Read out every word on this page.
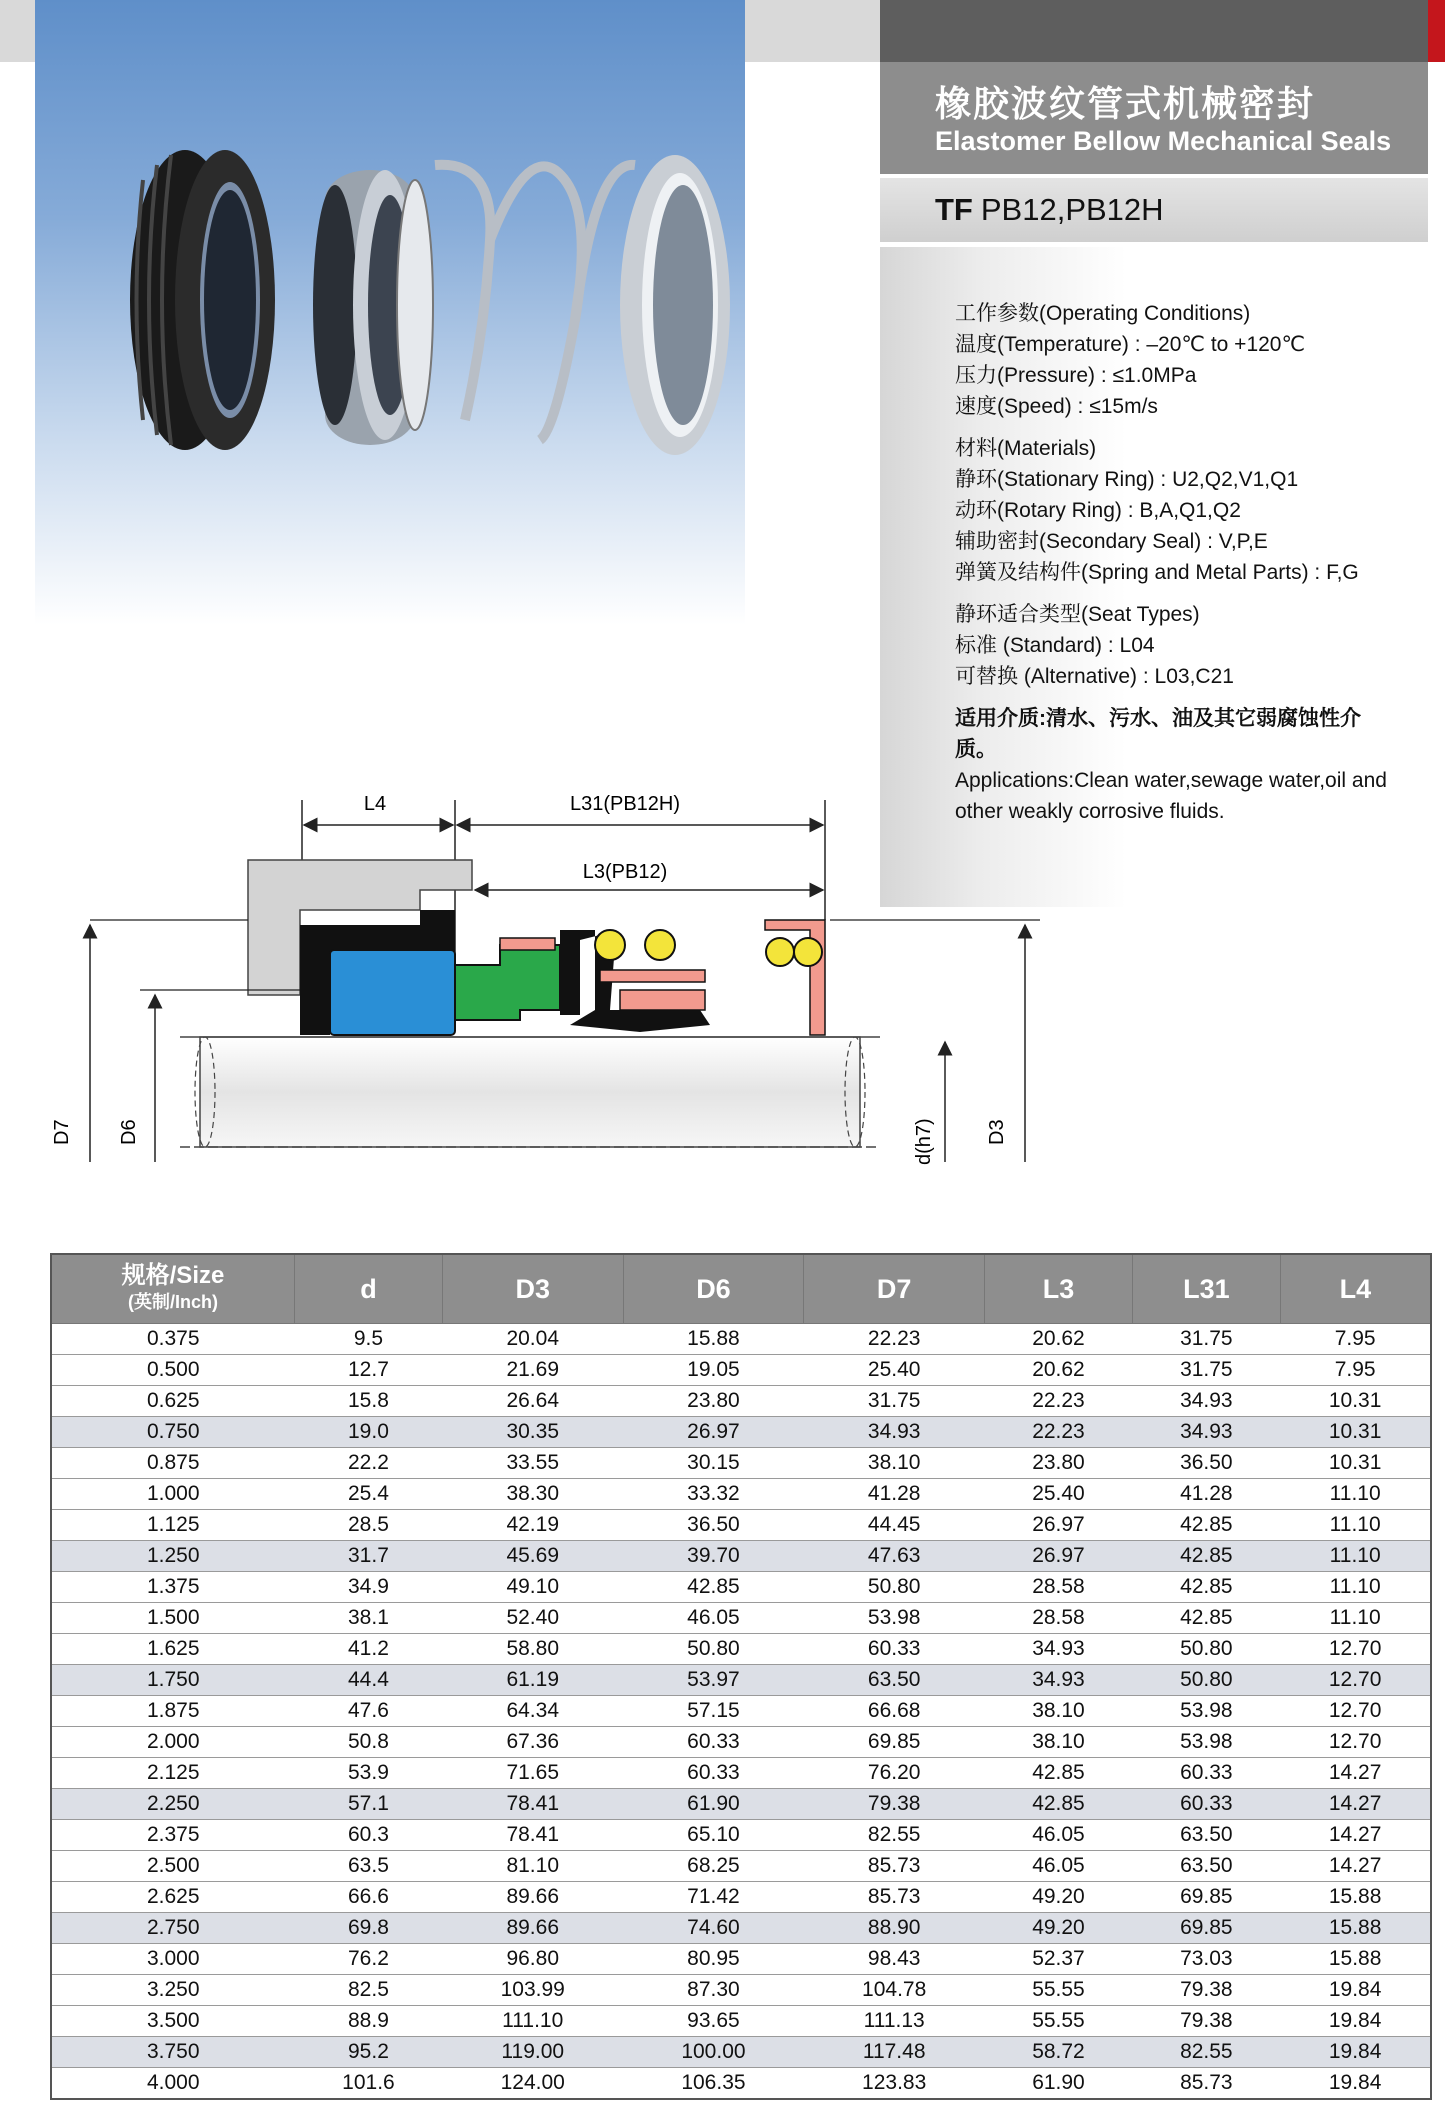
橡胶波纹管式机械密封
Elastomer Bellow Mechanical Seals
TF PB12,PB12H

工作参数(Operating Conditions)

温度(Temperature) : –20℃ to +120℃

压力(Pressure) : ≤1.0MPa

速度(Speed) : ≤15m/s

材料(Materials)

静环(Stationary Ring) : U2,Q2,V1,Q1

动环(Rotary Ring) : B,A,Q1,Q2

辅助密封(Secondary Seal) : V,P,E

弹簧及结构件(Spring and Metal Parts) : F,G

静环适合类型(Seat Types)

标准 (Standard) : L04

可替换 (Alternative) : L03,C21

适用介质:清水、污水、油及其它弱腐蚀性介质。

Applications:Clean water,sewage water,oil and other weakly corrosive fluids.

L4	L31(PB12H)
L3(PB12)
D7 D6	D3
d(h7)
规格/Size
(英制/Inch)	d	D3	D6	D7	L3	L31	L4
0.375	9.5	20.04	15.88	22.23	20.62	31.75	7.95
0.500	12.7	21.69	19.05	25.40	20.62	31.75	7.95
0.625	15.8	26.64	23.80	31.75	22.23	34.93	10.31
0.750	19.0	30.35	26.97	34.93	22.23	34.93	10.31
0.875	22.2	33.55	30.15	38.10	23.80	36.50	10.31
1.000	25.4	38.30	33.32	41.28	25.40	41.28	11.10
1.125	28.5	42.19	36.50	44.45	26.97	42.85	11.10
1.250	31.7	45.69	39.70	47.63	26.97	42.85	11.10
1.375	34.9	49.10	42.85	50.80	28.58	42.85	11.10
1.500	38.1	52.40	46.05	53.98	28.58	42.85	11.10
1.625	41.2	58.80	50.80	60.33	34.93	50.80	12.70
1.750	44.4	61.19	53.97	63.50	34.93	50.80	12.70
1.875	47.6	64.34	57.15	66.68	38.10	53.98	12.70
2.000	50.8	67.36	60.33	69.85	38.10	53.98	12.70
2.125	53.9	71.65	60.33	76.20	42.85	60.33	14.27
2.250	57.1	78.41	61.90	79.38	42.85	60.33	14.27
2.375	60.3	78.41	65.10	82.55	46.05	63.50	14.27
2.500	63.5	81.10	68.25	85.73	46.05	63.50	14.27
2.625	66.6	89.66	71.42	85.73	49.20	69.85	15.88
2.750	69.8	89.66	74.60	88.90	49.20	69.85	15.88
3.000	76.2	96.80	80.95	98.43	52.37	73.03	15.88
3.250	82.5	103.99	87.30	104.78	55.55	79.38	19.84
3.500	88.9	111.10	93.65	111.13	55.55	79.38	19.84
3.750	95.2	119.00	100.00	117.48	58.72	82.55	19.84
4.000	101.6	124.00	106.35	123.83	61.90	85.73	19.84
